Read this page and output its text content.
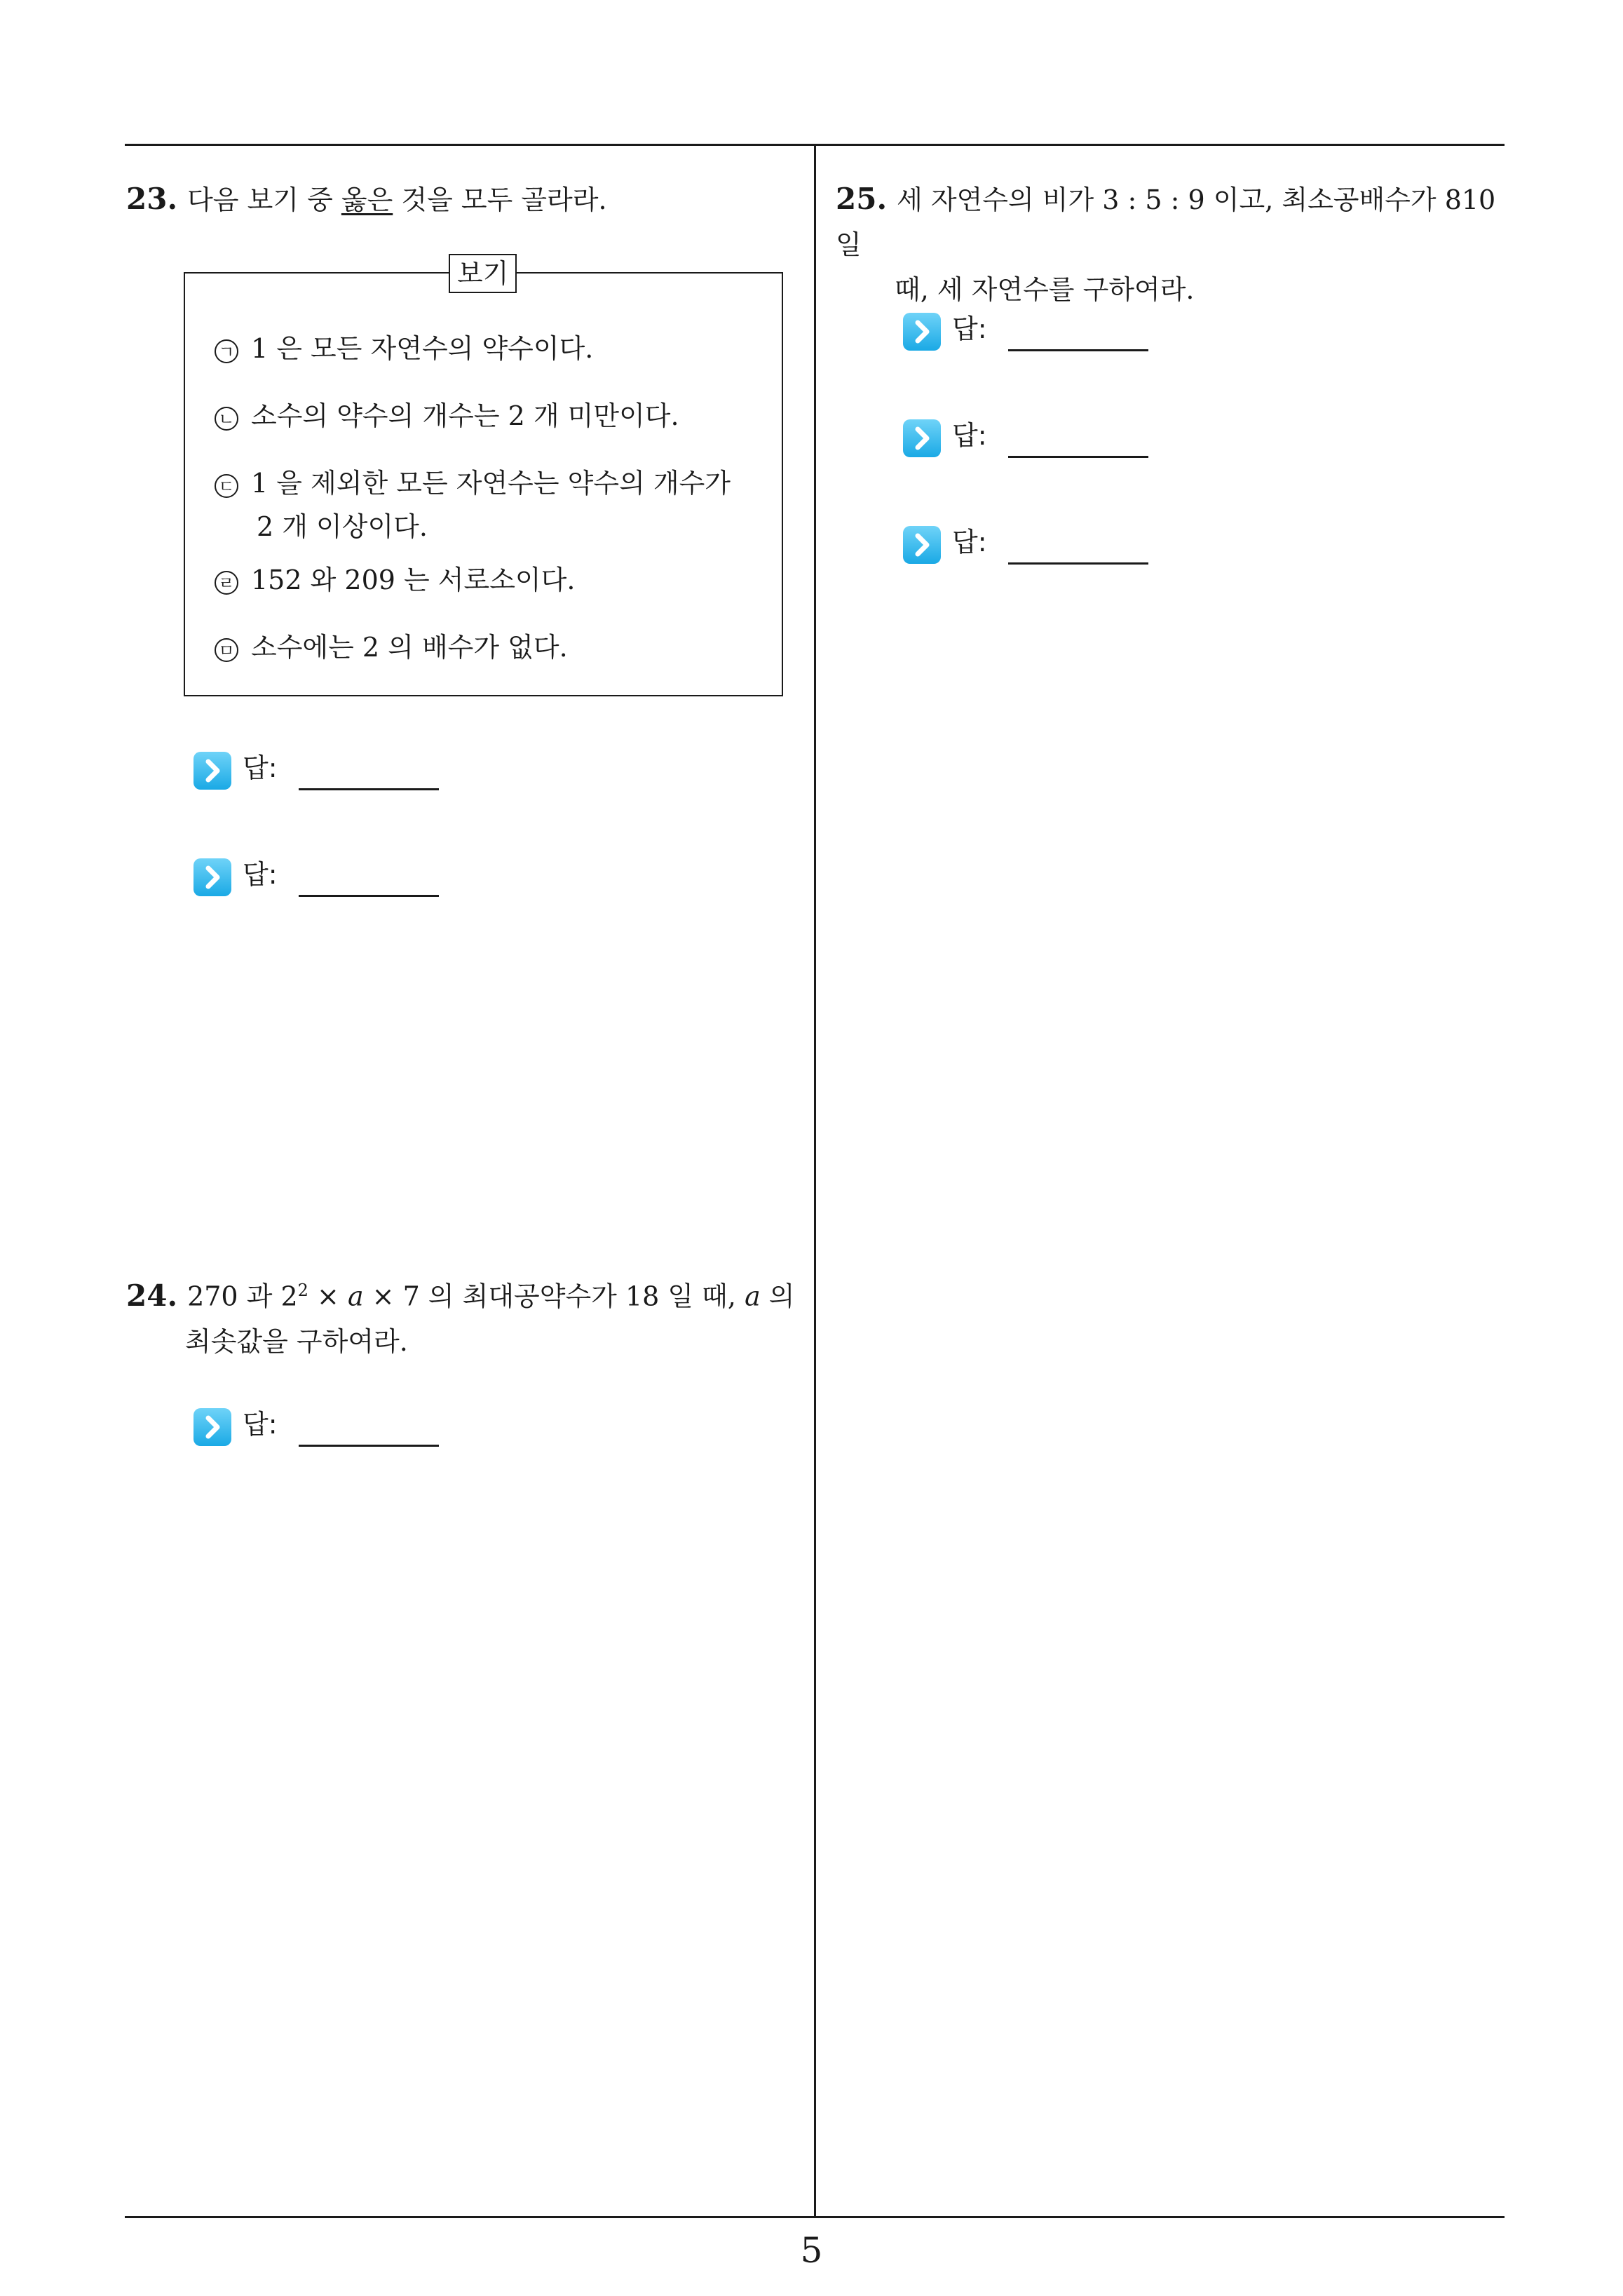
23. 다음 보기 중 옳은 것을 모두 골라라.
보기
ㄱ 1 은 모든 자연수의 약수이다.
ㄴ 소수의 약수의 개수는 2 개 미만이다.
ㄷ 1 을 제외한 모든 자연수는 약수의 개수가
2 개 이상이다.
ㄹ 152 와 209 는 서로소이다.
ㅁ 소수에는 2 의 배수가 없다.
답:
답:
24. 270 과 $2^2 \times a \times 7$ 의 최대공약수가 18 일 때, a 의
최솟값을 구하여라.
답:
25. 세 자연수의 비가 3 : 5 : 9 이고, 최소공배수가 810 일
때, 세 자연수를 구하여라.
답:
답:
답:
5
